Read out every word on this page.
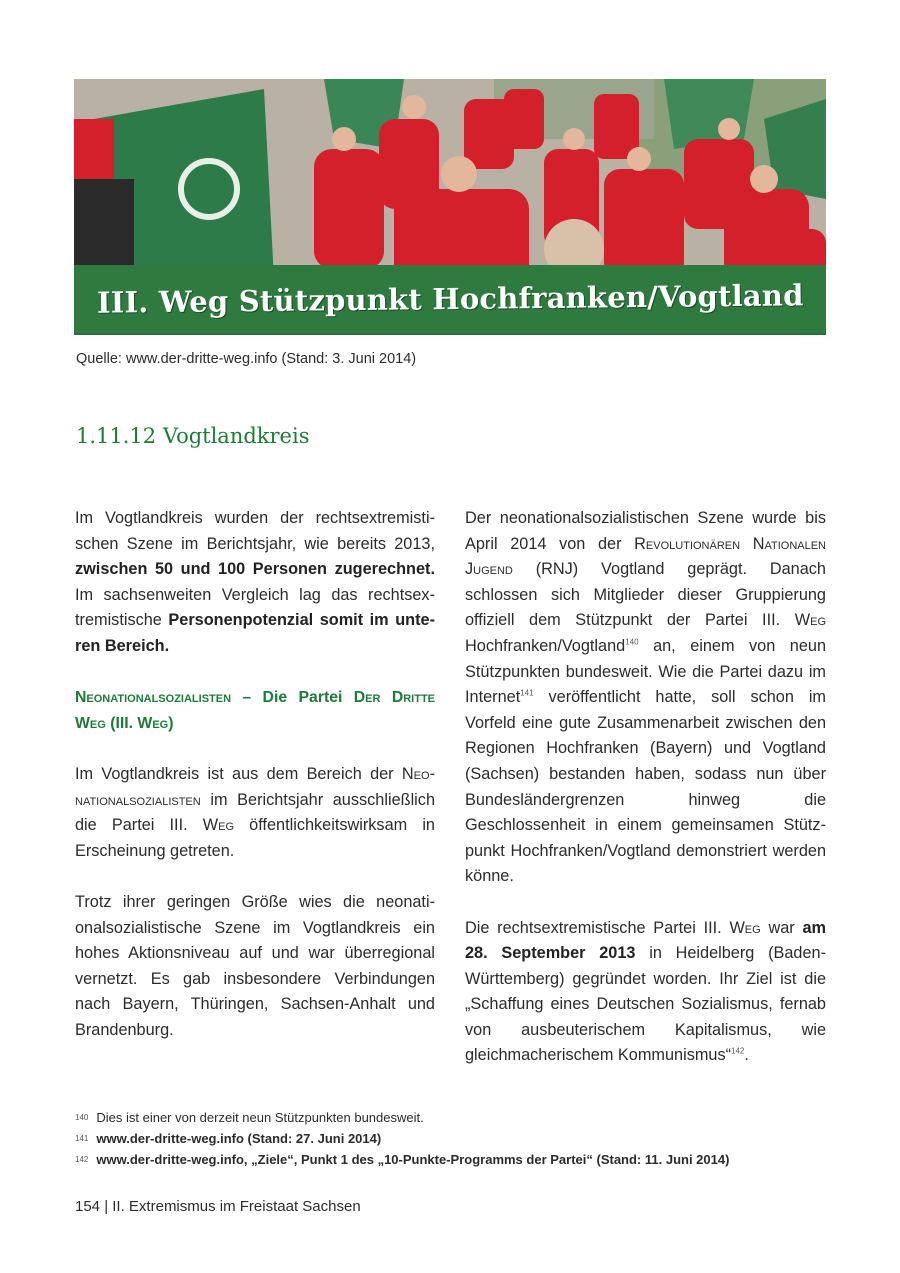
III. Weg Stützpunkt Hochfranken/Vogtland
Quelle: www.der-dritte-weg.info (Stand: 3. Juni 2014)
1.11.12 Vogtlandkreis

Im Vogtlandkreis wurden der rechtsextremistischen Szene im Berichtsjahr, wie bereits 2013, zwischen 50 und 100 Personen zugerechnet. Im sachsenweiten Vergleich lag das rechtsextremistische Personenpotenzial somit im unteren Bereich.

Neonationalsozialisten – Die Partei Der Dritte Weg (III. Weg)

Im Vogtlandkreis ist aus dem Bereich der Neonationalsozialisten im Berichtsjahr ausschließlich die Partei III. Weg öffentlichkeitswirksam in Erscheinung getreten.

Trotz ihrer geringen Größe wies die neonationalsozialistische Szene im Vogtlandkreis ein hohes Aktionsniveau auf und war überregional vernetzt. Es gab insbesondere Verbindungen nach Bayern, Thüringen, Sachsen-Anhalt und Brandenburg.

Der neonationalsozialistischen Szene wurde bis April 2014 von der Revolutionären Nationalen Jugend (RNJ) Vogtland geprägt. Danach schlossen sich Mitglieder dieser Gruppierung offiziell dem Stützpunkt der Partei III. Weg Hochfranken/Vogtland$^{140}$ an, einem von neun Stützpunkten bundesweit. Wie die Partei dazu im Internet$^{141}$ veröffentlicht hatte, soll schon im Vorfeld eine gute Zusammenarbeit zwischen den Regionen Hochfranken (Bayern) und Vogtland (Sachsen) bestanden haben, sodass nun über Bundesländergrenzen hinweg die Geschlossenheit in einem gemeinsamen Stützpunkt Hochfranken/Vogtland demonstriert werden könne.

Die rechtsextremistische Partei III. Weg war am 28. September 2013 in Heidelberg (Baden-Württemberg) gegründet worden. Ihr Ziel ist die „Schaffung eines Deutschen Sozialismus, fernab von ausbeuterischem Kapitalismus, wie gleichmacherischem Kommunismus“$^{142}$.

140 Dies ist einer von derzeit neun Stützpunkten bundesweit.
141 www.der-dritte-weg.info (Stand: 27. Juni 2014)
142 www.der-dritte-weg.info, „Ziele“, Punkt 1 des „10-Punkte-Programms der Partei“ (Stand: 11. Juni 2014)
154 | II. Extremismus im Freistaat Sachsen
